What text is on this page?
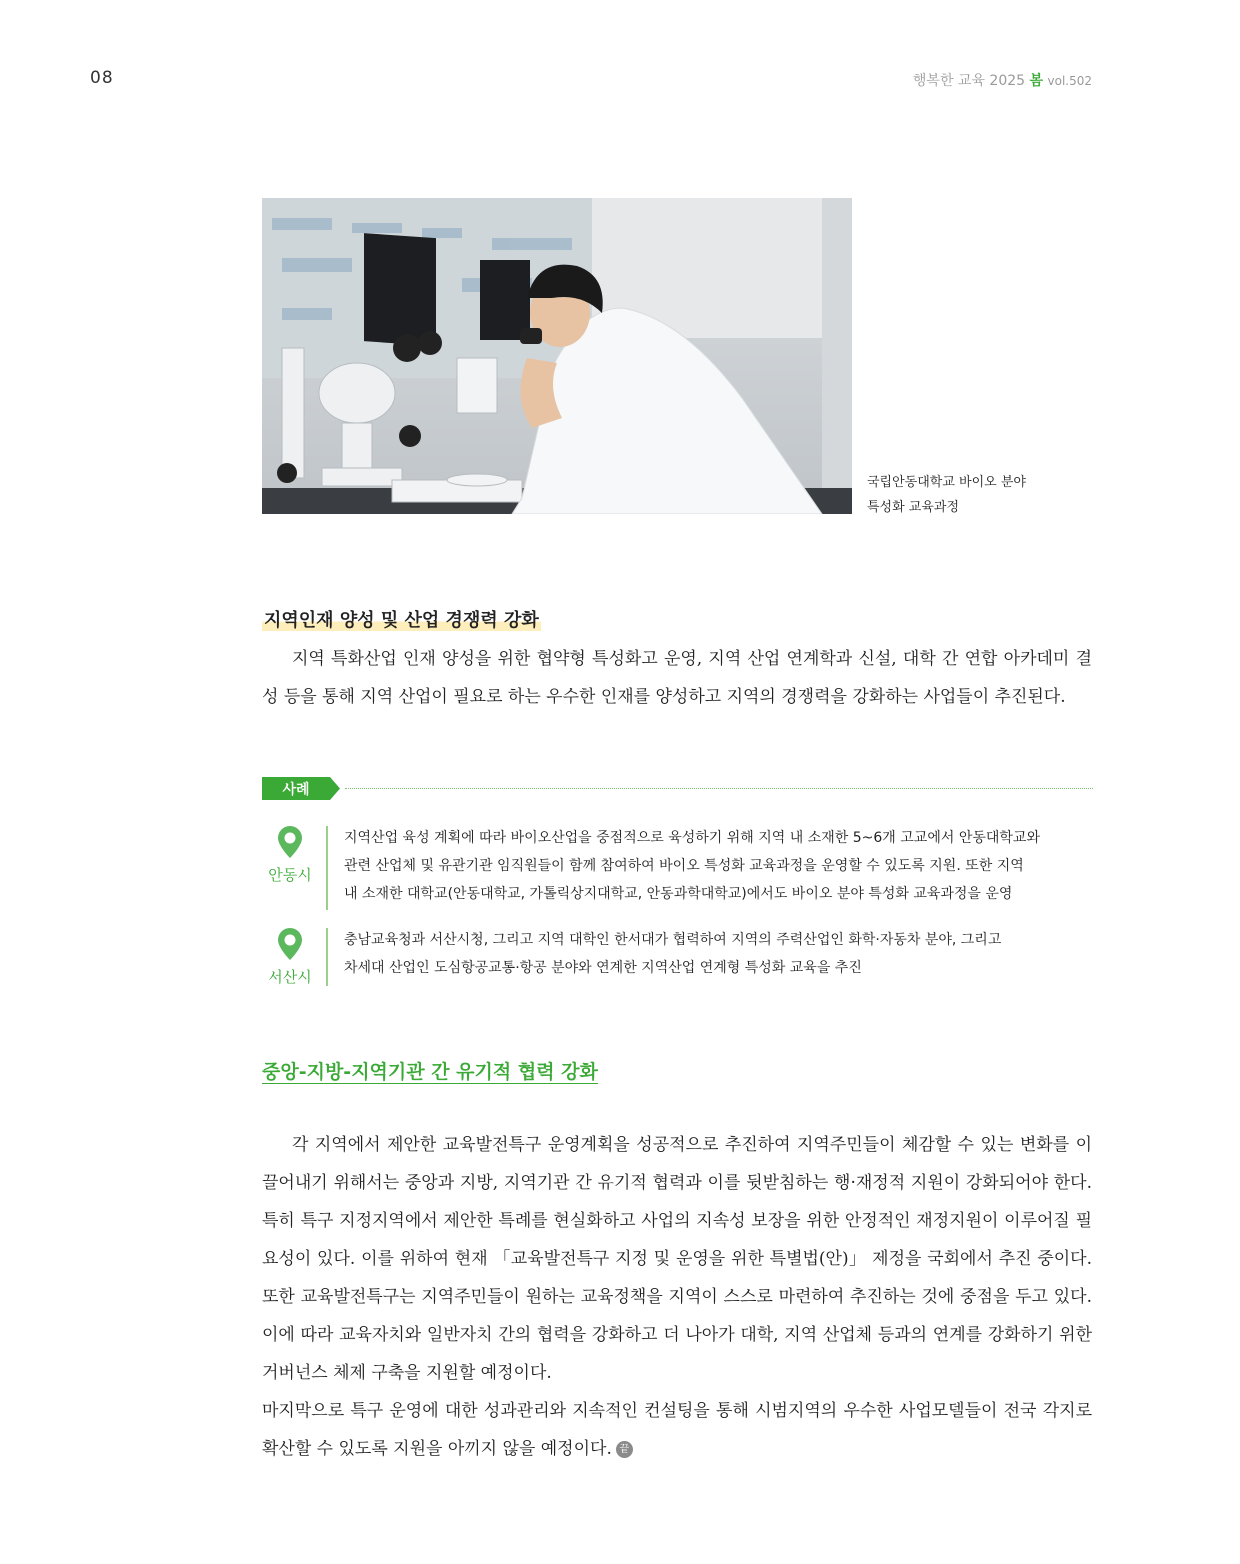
08	행복한 교육 2025 봄 vol.502
국립안동대학교 바이오 분야
특성화 교육과정
지역인재 양성 및 산업 경쟁력 강화
지역 특화산업 인재 양성을 위한 협약형 특성화고 운영, 지역 산업 연계학과 신설, 대학 간 연합 아카데미 결성 등을 통해 지역 산업이 필요로 하는 우수한 인재를 양성하고 지역의 경쟁력을 강화하는 사업들이 추진된다.
사례
안동시
지역산업 육성 계획에 따라 바이오산업을 중점적으로 육성하기 위해 지역 내 소재한 5~6개 고교에서 안동대학교와
관련 산업체 및 유관기관 임직원들이 함께 참여하여 바이오 특성화 교육과정을 운영할 수 있도록 지원. 또한 지역
내 소재한 대학교(안동대학교, 가톨릭상지대학교, 안동과학대학교)에서도 바이오 분야 특성화 교육과정을 운영
서산시
충남교육청과 서산시청, 그리고 지역 대학인 한서대가 협력하여 지역의 주력산업인 화학·자동차 분야, 그리고
차세대 산업인 도심항공교통·항공 분야와 연계한 지역산업 연계형 특성화 교육을 추진
중앙-지방-지역기관 간 유기적 협력 강화

각 지역에서 제안한 교육발전특구 운영계획을 성공적으로 추진하여 지역주민들이 체감할 수 있는 변화를 이끌어내기 위해서는 중앙과 지방, 지역기관 간 유기적 협력과 이를 뒷받침하는 행·재정적 지원이 강화되어야 한다. 특히 특구 지정지역에서 제안한 특례를 현실화하고 사업의 지속성 보장을 위한 안정적인 재정지원이 이루어질 필요성이 있다. 이를 위하여 현재 「교육발전특구 지정 및 운영을 위한 특별법(안)」 제정을 국회에서 추진 중이다. 또한 교육발전특구는 지역주민들이 원하는 교육정책을 지역이 스스로 마련하여 추진하는 것에 중점을 두고 있다. 이에 따라 교육자치와 일반자치 간의 협력을 강화하고 더 나아가 대학, 지역 산업체 등과의 연계를 강화하기 위한 거버넌스 체제 구축을 지원할 예정이다.

마지막으로 특구 운영에 대한 성과관리와 지속적인 컨설팅을 통해 시범지역의 우수한 사업모델들이 전국 각지로 확산할 수 있도록 지원을 아끼지 않을 예정이다. 끝
